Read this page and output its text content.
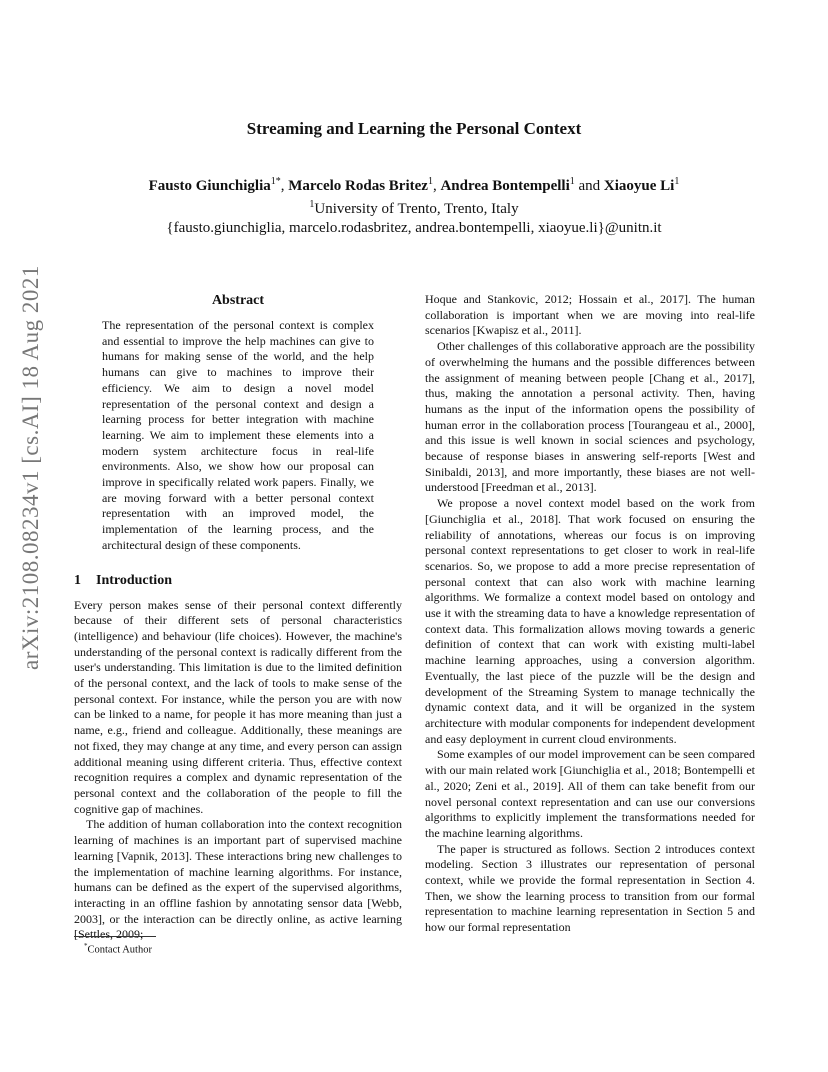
Streaming and Learning the Personal Context
Fausto Giunchiglia$^{1*}$, Marcelo Rodas Britez$^1$, Andrea Bontempelli$^1$ and Xiaoyue Li$^1$
$^1$University of Trento, Trento, Italy
{fausto.giunchiglia, marcelo.rodasbritez, andrea.bontempelli, xiaoyue.li}@unitn.it
arXiv:2108.08234v1 [cs.AI] 18 Aug 2021	Abstract

The representation of the personal context is complex and essential to improve the help machines can give to humans for making sense of the world, and the help humans can give to machines to improve their efficiency. We aim to design a novel model representation of the personal context and design a learning process for better integration with machine learning. We aim to implement these elements into a modern system architecture focus in real-life environments. Also, we show how our proposal can improve in specifically related work papers. Finally, we are moving forward with a better personal context representation with an improved model, the implementation of the learning process, and the architectural design of these components.

1 Introduction

Every person makes sense of their personal context differently because of their different sets of personal characteristics (intelligence) and behaviour (life choices). However, the machine's understanding of the personal context is radically different from the user's understanding. This limitation is due to the limited definition of the personal context, and the lack of tools to make sense of the personal context. For instance, while the person you are with now can be linked to a name, for people it has more meaning than just a name, e.g., friend and colleague. Additionally, these meanings are not fixed, they may change at any time, and every person can assign additional meaning using different criteria. Thus, effective context recognition requires a complex and dynamic representation of the personal context and the collaboration of the people to fill the cognitive gap of machines.

The addition of human collaboration into the context recognition learning of machines is an important part of supervised machine learning [Vapnik, 2013]. These interactions bring new challenges to the implementation of machine learning algorithms. For instance, humans can be defined as the expert of the supervised algorithms, interacting in an offline fashion by annotating sensor data [Webb, 2003], or the interaction can be directly online, as active learning [Settles, 2009;

Hoque and Stankovic, 2012; Hossain et al., 2017]. The human collaboration is important when we are moving into real-life scenarios [Kwapisz et al., 2011].

Other challenges of this collaborative approach are the possibility of overwhelming the humans and the possible differences between the assignment of meaning between people [Chang et al., 2017], thus, making the annotation a personal activity. Then, having humans as the input of the information opens the possibility of human error in the collaboration process [Tourangeau et al., 2000], and this issue is well known in social sciences and psychology, because of response biases in answering self-reports [West and Sinibaldi, 2013], and more importantly, these biases are not well-understood [Freedman et al., 2013].

We propose a novel context model based on the work from [Giunchiglia et al., 2018]. That work focused on ensuring the reliability of annotations, whereas our focus is on improving personal context representations to get closer to work in real-life scenarios. So, we propose to add a more precise representation of personal context that can also work with machine learning algorithms. We formalize a context model based on ontology and use it with the streaming data to have a knowledge representation of context data. This formalization allows moving towards a generic definition of context that can work with existing multi-label machine learning approaches, using a conversion algorithm. Eventually, the last piece of the puzzle will be the design and development of the Streaming System to manage technically the dynamic context data, and it will be organized in the system architecture with modular components for independent development and easy deployment in current cloud environments.

Some examples of our model improvement can be seen compared with our main related work [Giunchiglia et al., 2018; Bontempelli et al., 2020; Zeni et al., 2019]. All of them can take benefit from our novel personal context representation and can use our conversions algorithms to explicitly implement the transformations needed for the machine learning algorithms.

The paper is structured as follows. Section 2 introduces context modeling. Section 3 illustrates our representation of personal context, while we provide the formal representation in Section 4. Then, we show the learning process to transition from our formal representation to machine learning representation in Section 5 and how our formal representation

*Contact Author
